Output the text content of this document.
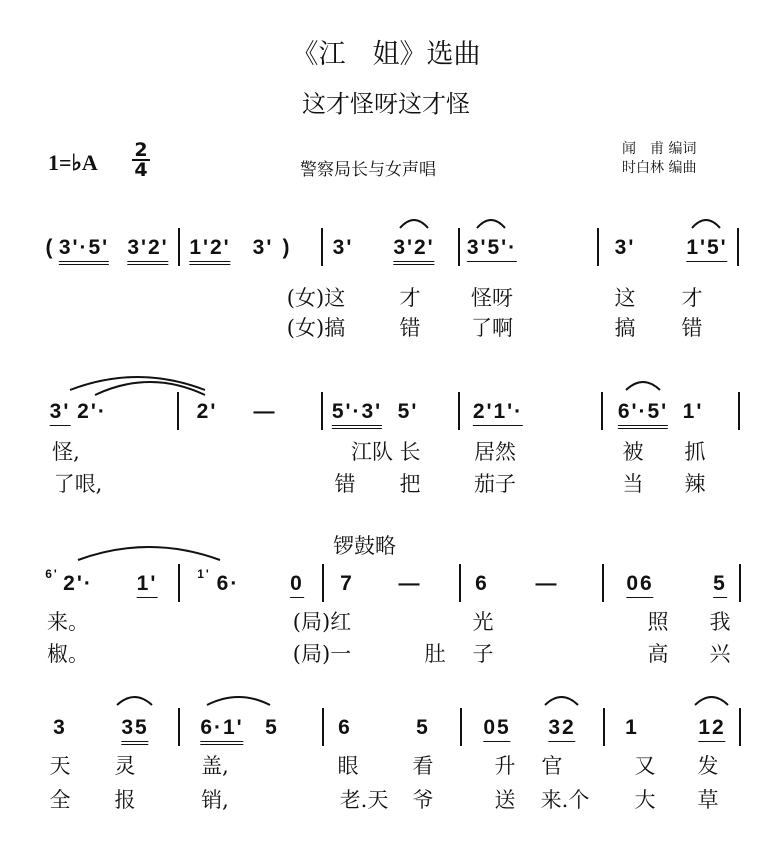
《江　姐》选曲
这才怪呀这才怪
1=♭A 2
4	警察局长与女声唱
闻　甫 编词
时白林 编曲
锣鼓略
( 3'·5' 3'2' 1'2' 3' ) 3' 3'2' 3'5'·	3' 1'5'
(女)这	才 怪呀	这 才
(女)搞	错 了啊	搞 错
3' 2'·	2' —	5'·3' 5'	2'1'·	6'·5' 1'
怪,	江队 长	居然	被 抓
了哏,	错 把	茄子	当 辣
6' 2'· 1'	1' 6· 0 7 —	6 —	06	5
来。	(局)红	光	照 我
椒。	(局)一	肚 子	高 兴
3	35 6·1' 5	6	5	05 32 1	12
天 灵	盖,	眼	看	升 官	又 发
全 报	销,	老.天 爷	送 来.个 大 草
